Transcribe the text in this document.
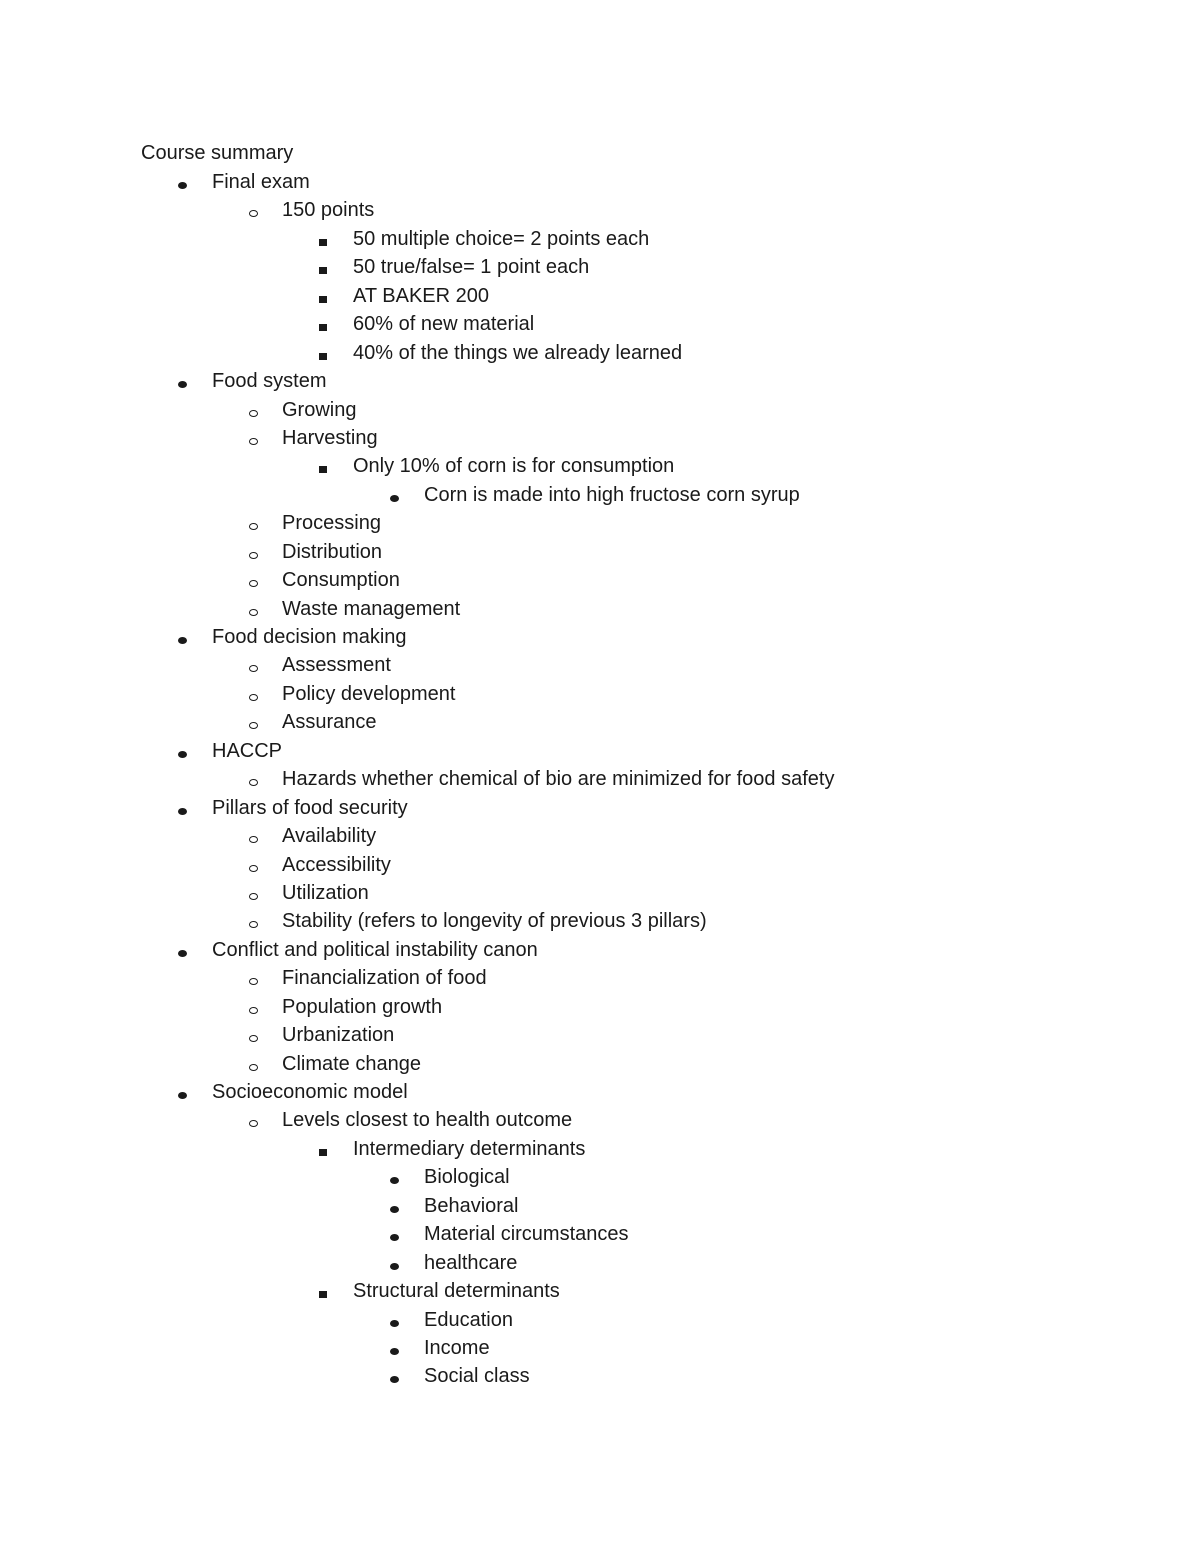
Course summary
Final exam
150 points
50 multiple choice= 2 points each
50 true/false= 1 point each
AT BAKER 200
60% of new material
40% of the things we already learned
Food system
Growing
Harvesting
Only 10% of corn is for consumption
Corn is made into high fructose corn syrup
Processing
Distribution
Consumption
Waste management
Food decision making
Assessment
Policy development
Assurance
HACCP
Hazards whether chemical of bio are minimized for food safety
Pillars of food security
Availability
Accessibility
Utilization
Stability (refers to longevity of previous 3 pillars)
Conflict and political instability canon
Financialization of food
Population growth
Urbanization
Climate change
Socioeconomic model
Levels closest to health outcome
Intermediary determinants
Biological
Behavioral
Material circumstances
healthcare
Structural determinants
Education
Income
Social class
